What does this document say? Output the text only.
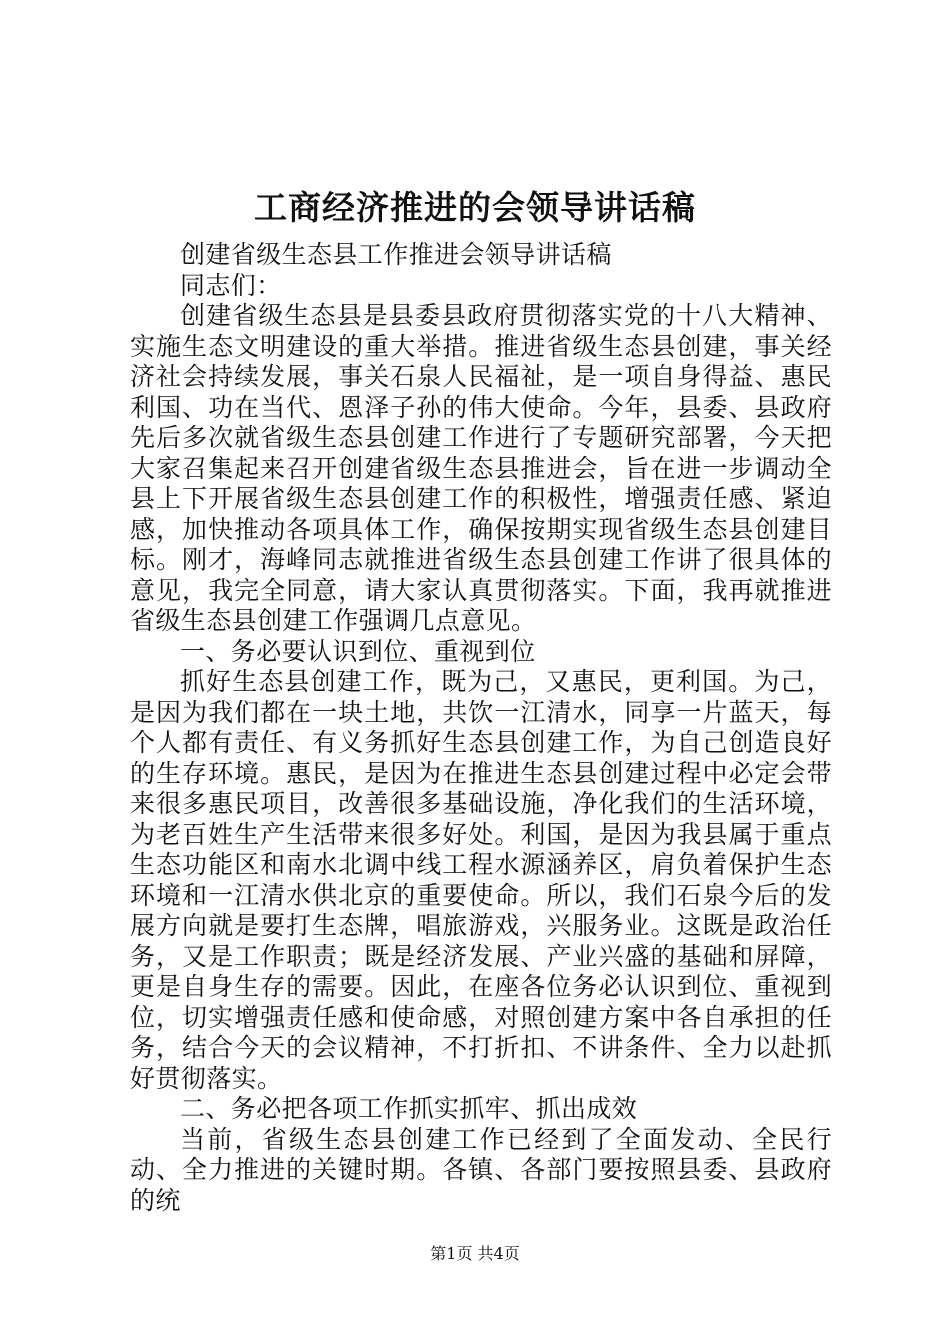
工商经济推进的会领导讲话稿

创建省级生态县工作推进会领导讲话稿

同志们：

创建省级生态县是县委县政府贯彻落实党的十八大精神、实施生态文明建设的重大举措。推进省级生态县创建，事关经济社会持续发展，事关石泉人民福祉，是一项自身得益、惠民利国、功在当代、恩泽子孙的伟大使命。今年，县委、县政府先后多次就省级生态县创建工作进行了专题研究部署，今天把大家召集起来召开创建省级生态县推进会，旨在进一步调动全县上下开展省级生态县创建工作的积极性，增强责任感、紧迫感，加快推动各项具体工作，确保按期实现省级生态县创建目标。刚才，海峰同志就推进省级生态县创建工作讲了很具体的意见，我完全同意，请大家认真贯彻落实。下面，我再就推进省级生态县创建工作强调几点意见。

一、务必要认识到位、重视到位

抓好生态县创建工作，既为己，又惠民，更利国。为己，是因为我们都在一块土地，共饮一江清水，同享一片蓝天，每个人都有责任、有义务抓好生态县创建工作，为自己创造良好的生存环境。惠民，是因为在推进生态县创建过程中必定会带来很多惠民项目，改善很多基础设施，净化我们的生活环境，为老百姓生产生活带来很多好处。利国，是因为我县属于重点生态功能区和南水北调中线工程水源涵养区，肩负着保护生态环境和一江清水供北京的重要使命。所以，我们石泉今后的发展方向就是要打生态牌，唱旅游戏，兴服务业。这既是政治任务，又是工作职责；既是经济发展、产业兴盛的基础和屏障，更是自身生存的需要。因此，在座各位务必认识到位、重视到位，切实增强责任感和使命感，对照创建方案中各自承担的任务，结合今天的会议精神，不打折扣、不讲条件、全力以赴抓好贯彻落实。

二、务必把各项工作抓实抓牢、抓出成效

当前，省级生态县创建工作已经到了全面发动、全民行动、全力推进的关键时期。各镇、各部门要按照县委、县政府的统

第1页 共4页
